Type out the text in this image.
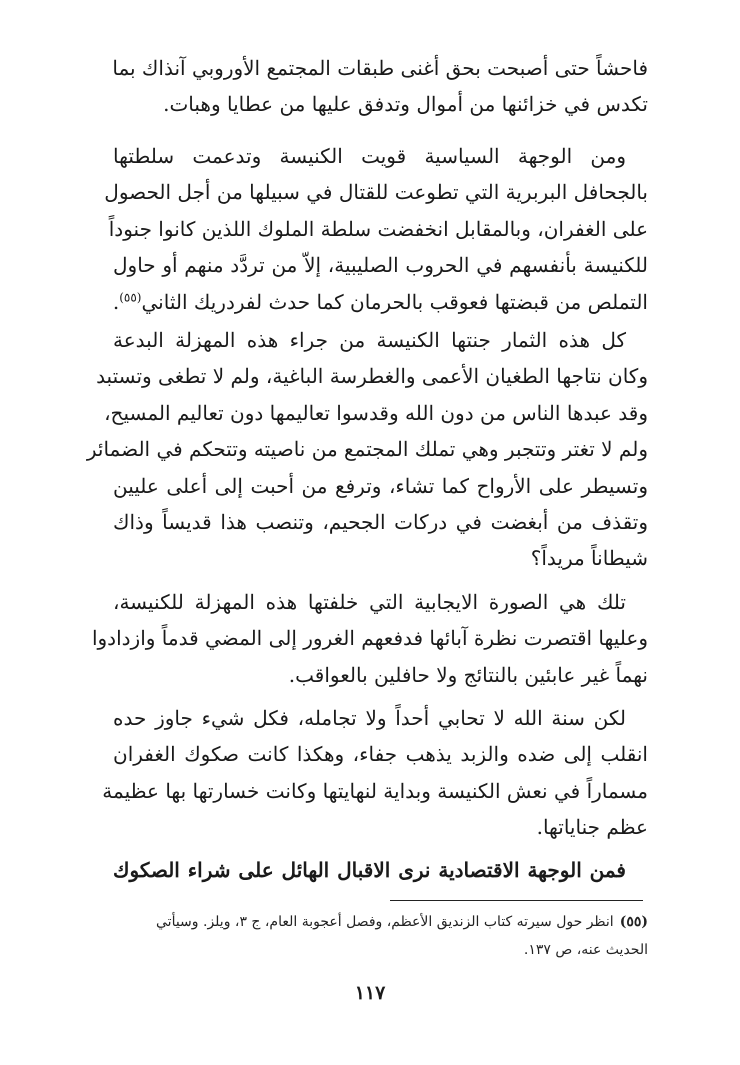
فاحشاً حتى أصبحت بحق أغنى طبقات المجتمع الأوروبي آنذاك بما
تكدس في خزائنها من أموال وتدفق عليها من عطايا وهبات.
ومن الوجهة السياسية قويت الكنيسة وتدعمت سلطتها
بالجحافل البربرية التي تطوعت للقتال في سبيلها من أجل الحصول
على الغفران، وبالمقابل انخفضت سلطة الملوك اللذين كانوا جنوداً
للكنيسة بأنفسهم في الحروب الصليبية، إلاّ من تردَّد منهم أو حاول
التملص من قبضتها فعوقب بالحرمان كما حدث لفردريك الثاني$^{(٥٥)}$.
كل هذه الثمار جنتها الكنيسة من جراء هذه المهزلة البدعة
وكان نتاجها الطغيان الأعمى والغطرسة الباغية، ولم لا تطغى وتستبد
وقد عبدها الناس من دون الله وقدسوا تعاليمها دون تعاليم المسيح،
ولم لا تغتر وتتجبر وهي تملك المجتمع من ناصيته وتتحكم في الضمائر
وتسيطر على الأرواح كما تشاء، وترفع من أحبت إلى أعلى عليين
وتقذف من أبغضت في دركات الجحيم، وتنصب هذا قديساً وذاك
شيطاناً مريداً؟
تلك هي الصورة الايجابية التي خلفتها هذه المهزلة للكنيسة،
وعليها اقتصرت نظرة آبائها فدفعهم الغرور إلى المضي قدماً وازدادوا
نهماً غير عابئين بالنتائج ولا حافلين بالعواقب.
لكن سنة الله لا تحابي أحداً ولا تجامله، فكل شيء جاوز حده
انقلب إلى ضده والزبد يذهب جفاء، وهكذا كانت صكوك الغفران
مسماراً في نعش الكنيسة وبداية لنهايتها وكانت خسارتها بها عظيمة
عظم جناياتها.
فمن الوجهة الاقتصادية نرى الاقبال الهائل على شراء الصكوك
(٥٥)انظر حول سيرته كتاب الزنديق الأعظم، وفصل أعجوبة العام، ج ٣، ويلز. وسيأتي
الحديث عنه، ص ١٣٧.
١١٧
